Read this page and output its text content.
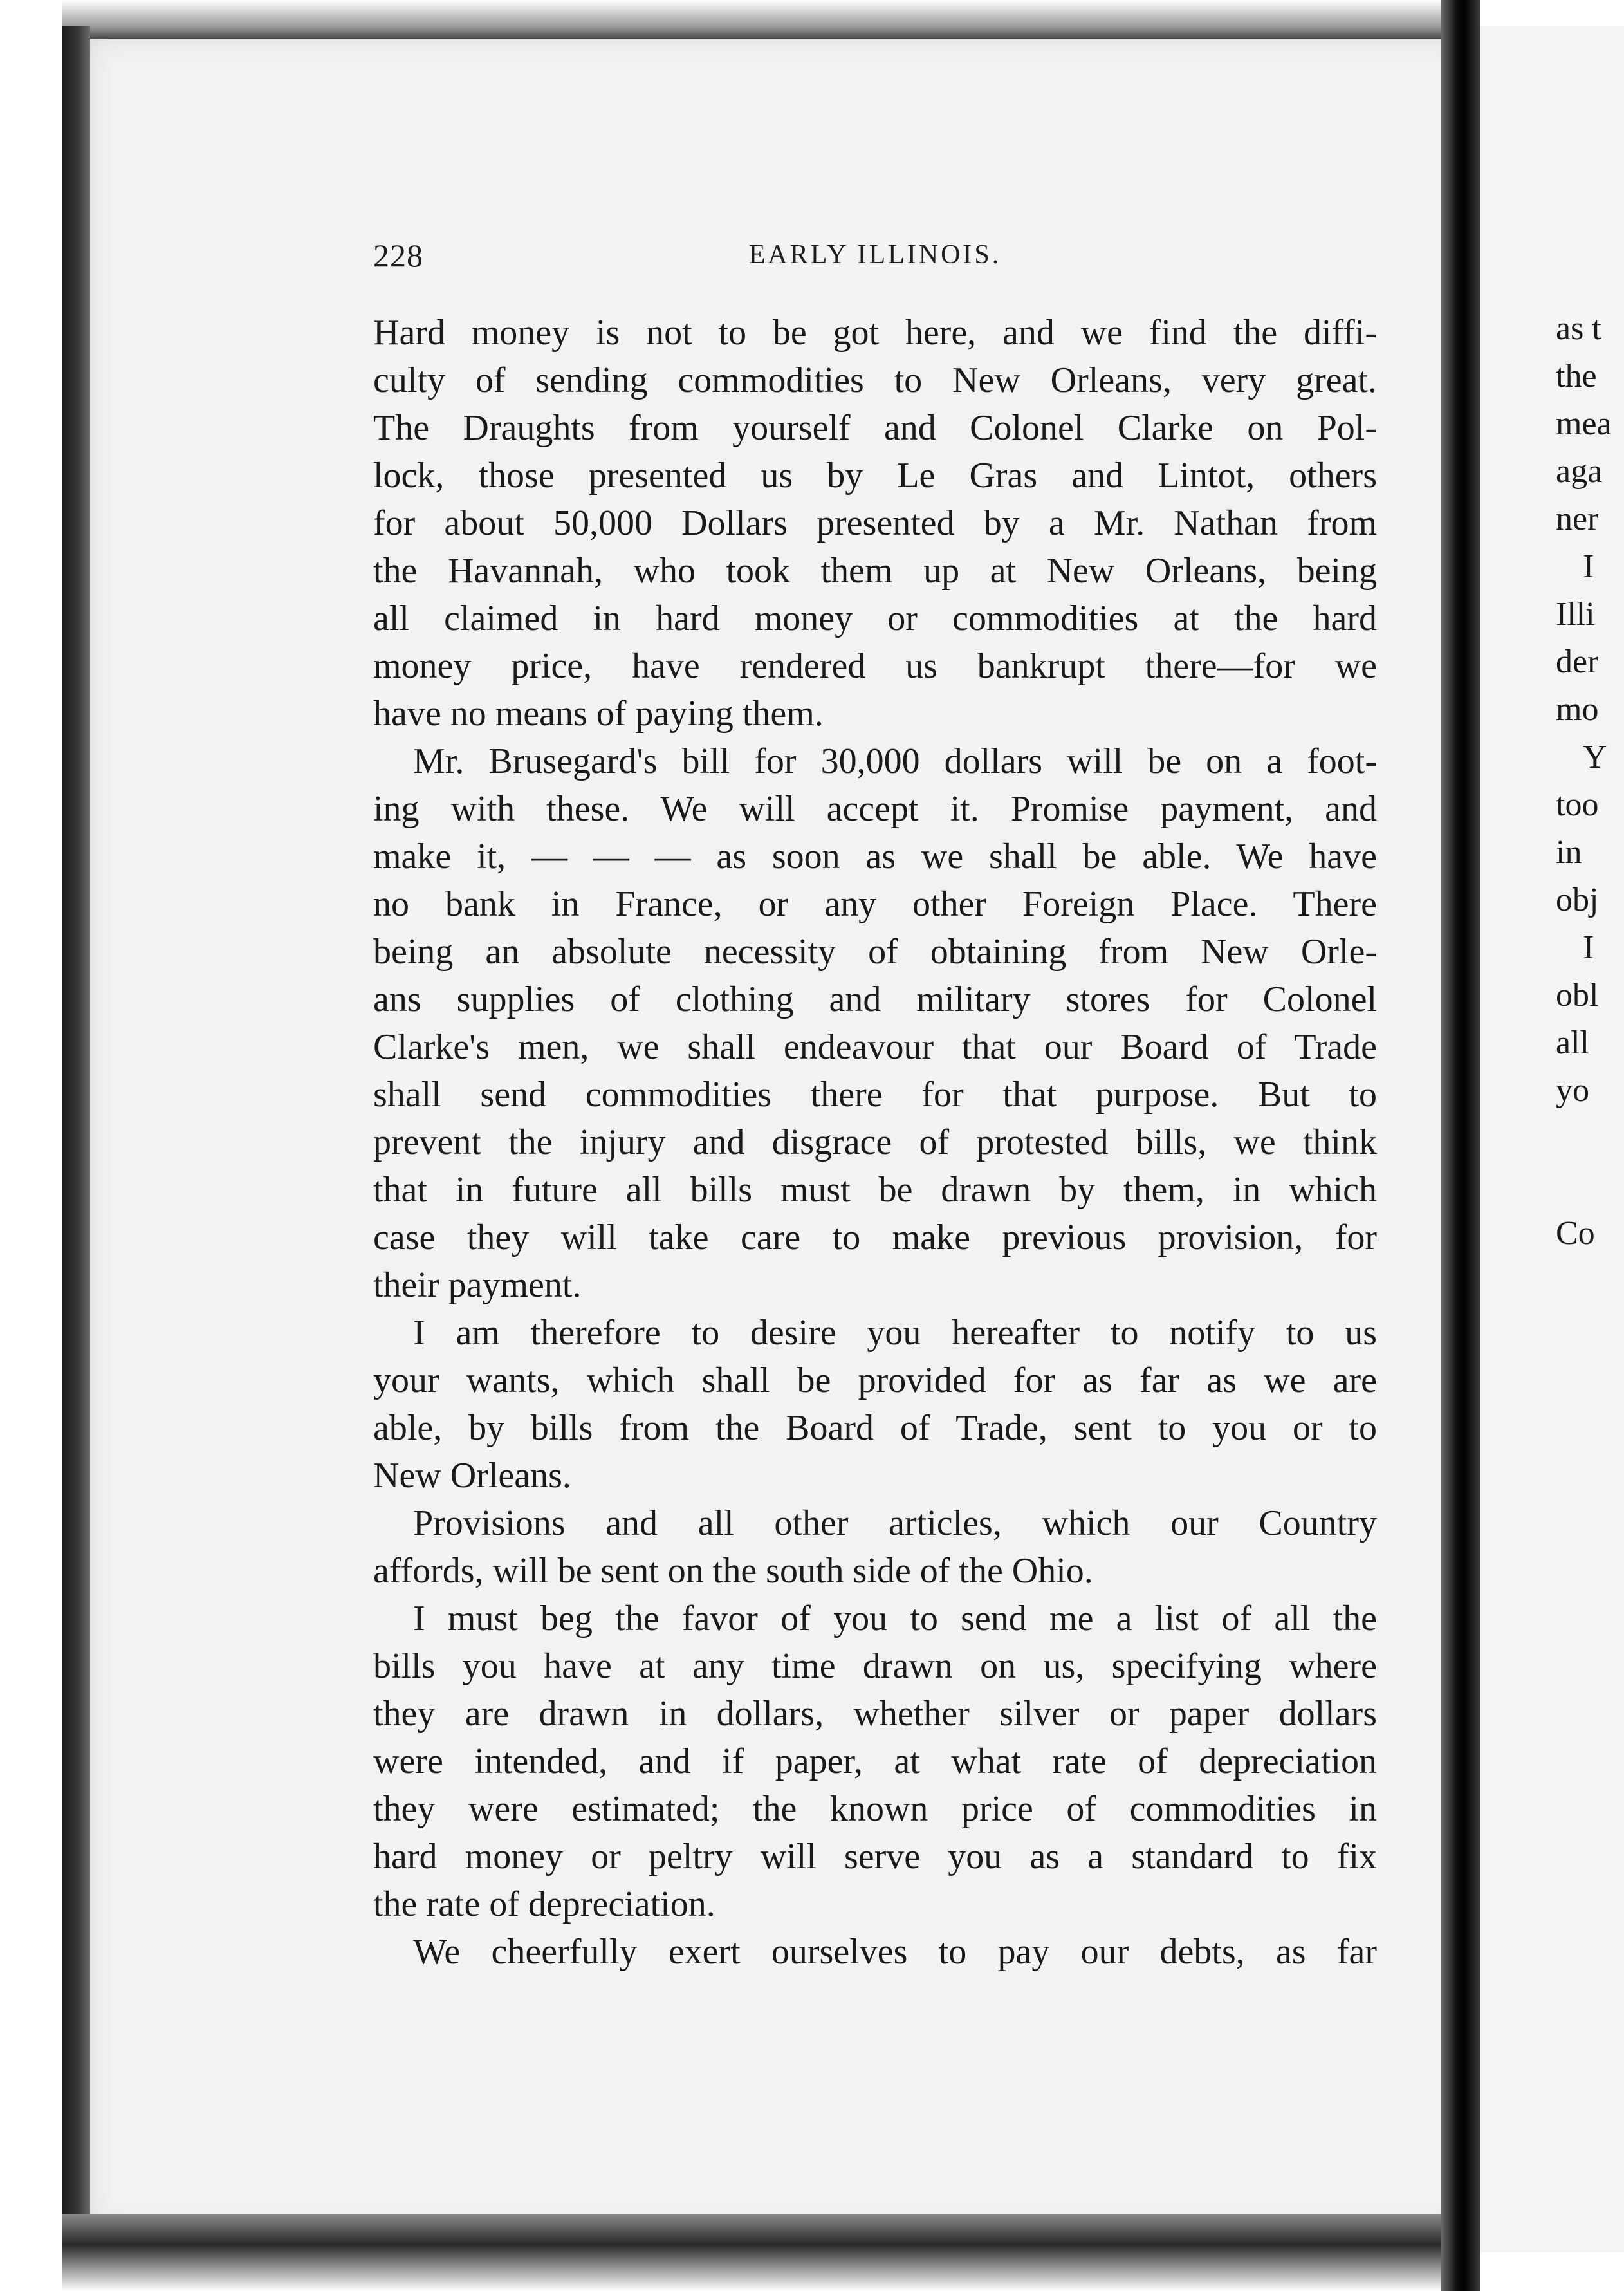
228	EARLY ILLINOIS.
Hard money is not to be got here, and we find the diffi-
culty of sending commodities to New Orleans, very great.
The Draughts from yourself and Colonel Clarke on Pol-
lock, those presented us by Le Gras and Lintot, others
for about 50,000 Dollars presented by a Mr. Nathan from
the Havannah, who took them up at New Orleans, being
all claimed in hard money or commodities at the hard
money price, have rendered us bankrupt there—for we
have no means of paying them.
Mr. Brusegard's bill for 30,000 dollars will be on a foot-
ing with these. We will accept it. Promise payment, and
make it, — — — as soon as we shall be able. We have
no bank in France, or any other Foreign Place. There
being an absolute necessity of obtaining from New Orle-
ans supplies of clothing and military stores for Colonel
Clarke's men, we shall endeavour that our Board of Trade
shall send commodities there for that purpose. But to
prevent the injury and disgrace of protested bills, we think
that in future all bills must be drawn by them, in which
case they will take care to make previous provision, for
their payment.
I am therefore to desire you hereafter to notify to us
your wants, which shall be provided for as far as we are
able, by bills from the Board of Trade, sent to you or to
New Orleans.
Provisions and all other articles, which our Country
affords, will be sent on the south side of the Ohio.
I must beg the favor of you to send me a list of all the
bills you have at any time drawn on us, specifying where
they are drawn in dollars, whether silver or paper dollars
were intended, and if paper, at what rate of depreciation
they were estimated; the known price of commodities in
hard money or peltry will serve you as a standard to fix
the rate of depreciation.
We cheerfully exert ourselves to pay our debts, as far
as t
the
mea
aga
ner
I
Illi
der
mo
Y
too
in
obj
I
obl
all
yo
Co
